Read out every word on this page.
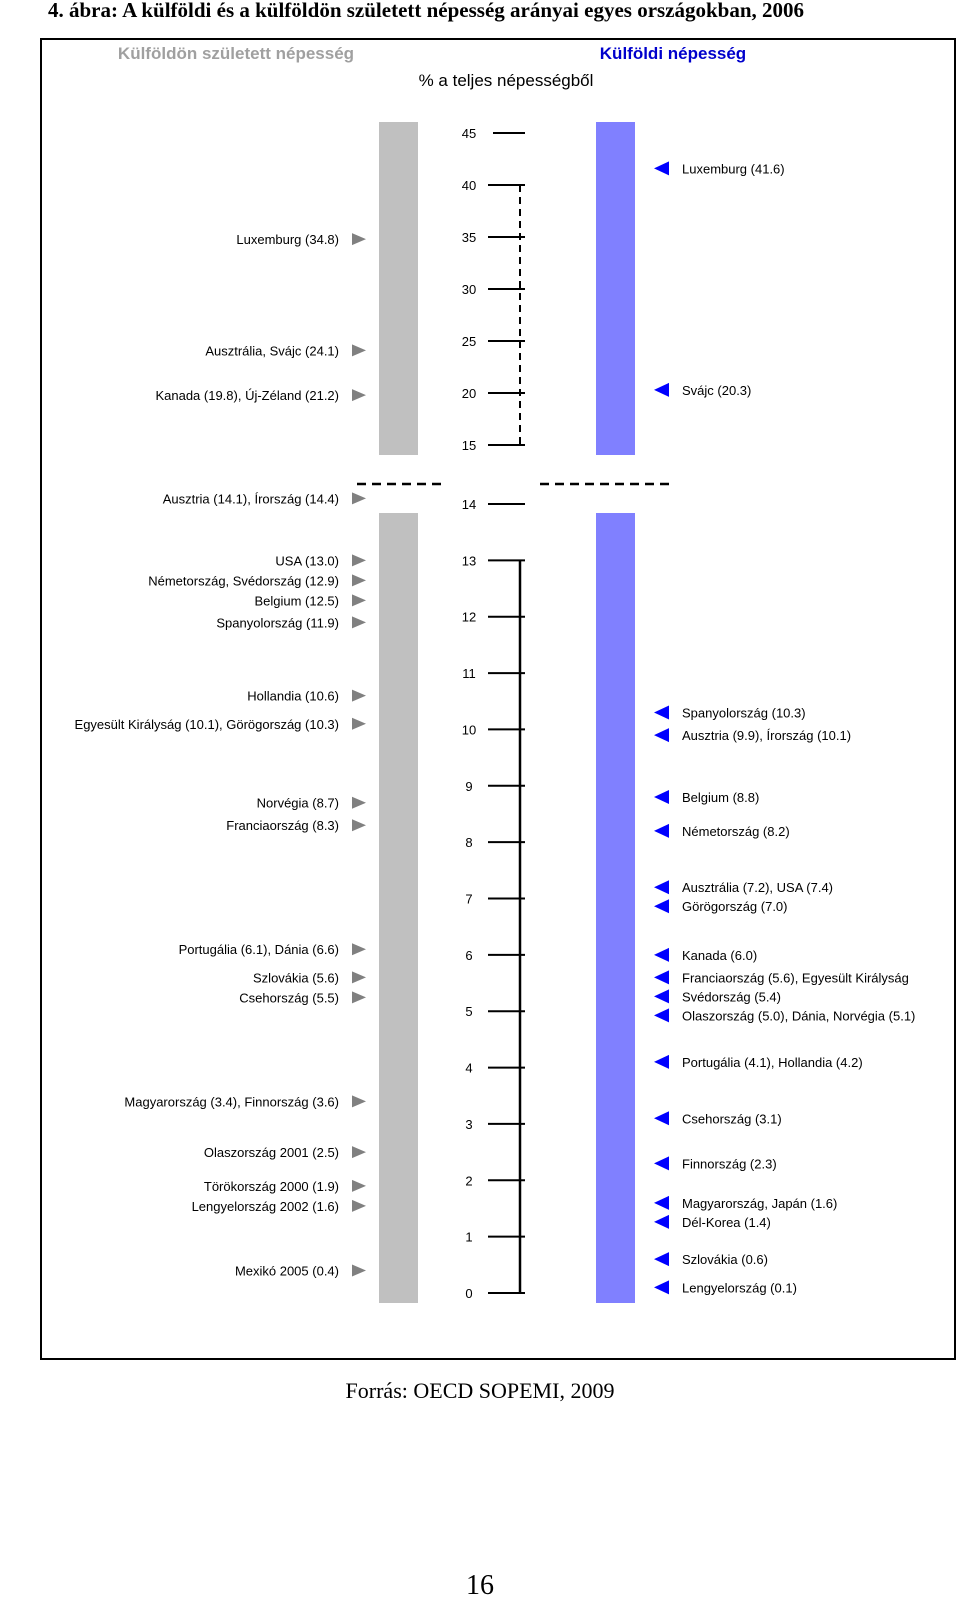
4. ábra: A külföldi és a külföldön született népesség arányai egyes országokban, 2006
Külföldön született népesség	Külföldi népesség
% a teljes népességből
45
40
35
30
25
20
15
14
13
12
11
10
9
8
7
6
5
4
3
2
1
0
Luxemburg (34.8)
Ausztrália, Svájc (24.1)
Kanada (19.8), Új-Zéland (21.2)
Ausztria (14.1), Írország (14.4)
USA (13.0)
Németország, Svédország (12.9)
Belgium (12.5)
Spanyolország (11.9)
Hollandia (10.6)
Egyesült Királyság (10.1), Görögország (10.3)
Norvégia (8.7)
Franciaország (8.3)
Portugália (6.1), Dánia (6.6)
Szlovákia (5.6)
Csehország (5.5)
Magyarország (3.4), Finnország (3.6)
Olaszország 2001 (2.5)
Törökország 2000 (1.9)
Lengyelország 2002 (1.6)
Mexikó 2005 (0.4)
Luxemburg (41.6)
Svájc (20.3)
Spanyolország (10.3)
Ausztria (9.9), Írország (10.1)
Belgium (8.8)
Németország (8.2)
Ausztrália (7.2), USA (7.4)
Görögország (7.0)
Kanada (6.0)
Franciaország (5.6), Egyesült Királyság
Svédország (5.4)
Olaszország (5.0), Dánia, Norvégia (5.1)
Portugália (4.1), Hollandia (4.2)
Csehország (3.1)
Finnország (2.3)
Magyarország, Japán (1.6)
Dél-Korea (1.4)
Szlovákia (0.6)
Lengyelország (0.1)
Forrás: OECD SOPEMI, 2009
16
